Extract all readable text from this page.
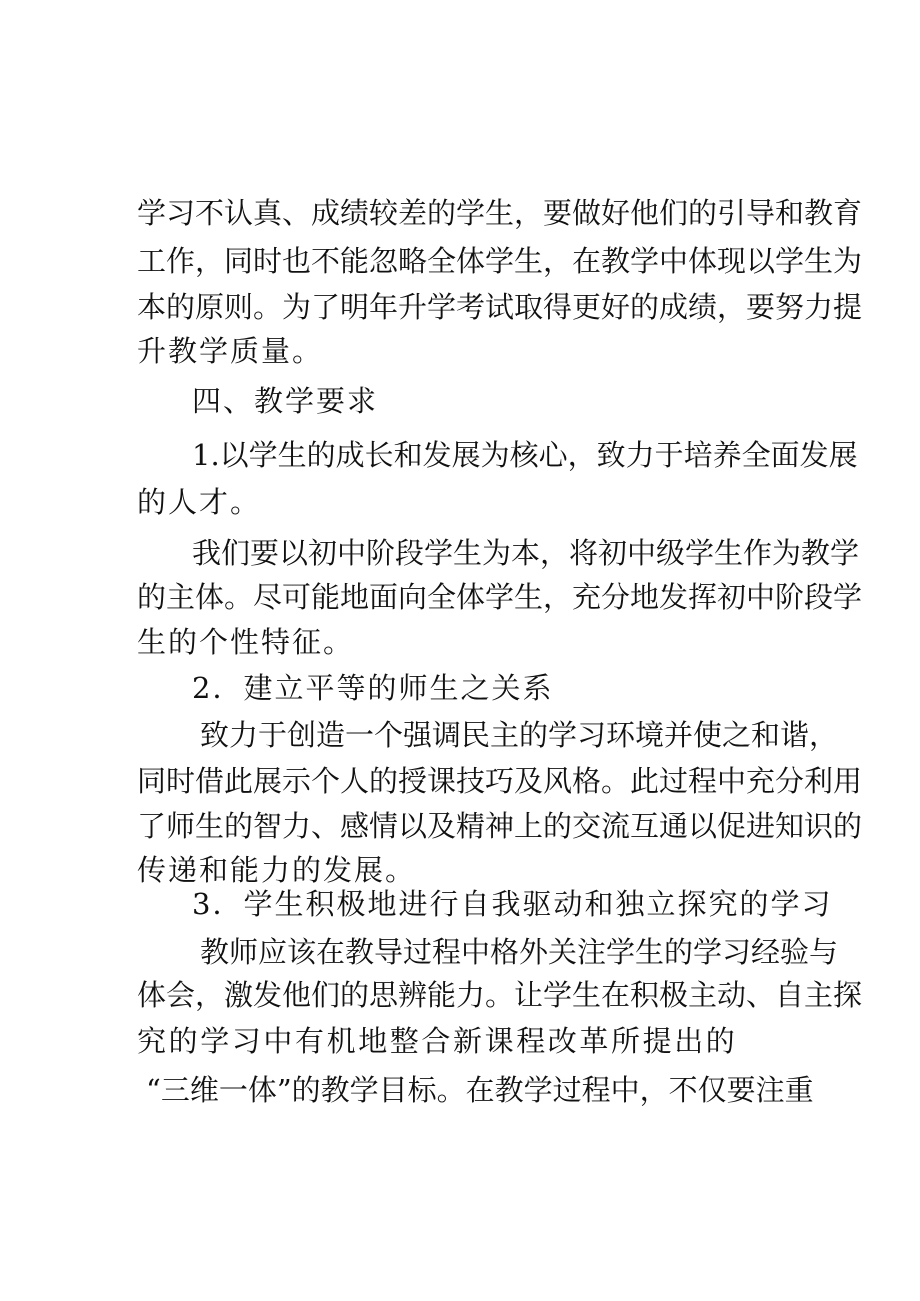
学习不认真、成绩较差的学生，要做好他们的引导和教育
工作，同时也不能忽略全体学生，在教学中体现以学生为
本的原则。为了明年升学考试取得更好的成绩，要努力提
升教学质量。
四、教学要求
1.以学生的成长和发展为核心，致力于培养全面发展
的人才。
我们要以初中阶段学生为本，将初中级学生作为教学
的主体。尽可能地面向全体学生，充分地发挥初中阶段学
生的个性特征。
2．建立平等的师生之关系
致力于创造一个强调民主的学习环境并使之和谐，
同时借此展示个人的授课技巧及风格。此过程中充分利用
了师生的智力、感情以及精神上的交流互通以促进知识的
传递和能力的发展。
3．学生积极地进行自我驱动和独立探究的学习
教师应该在教导过程中格外关注学生的学习经验与
体会，激发他们的思辨能力。让学生在积极主动、自主探
究的学习中有机地整合新课程改革所提出的
“三维一体”的教学目标。在教学过程中，不仅要注重
